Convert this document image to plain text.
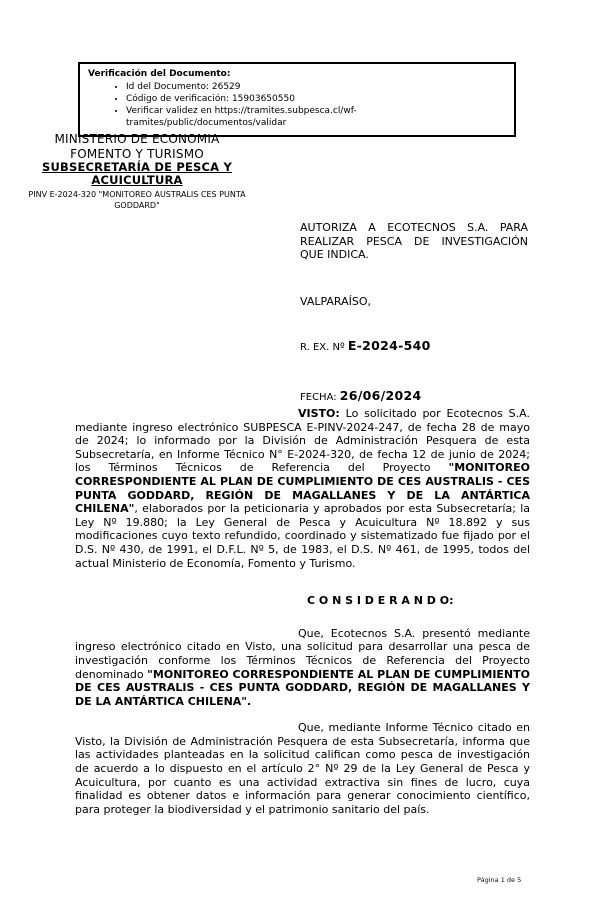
Verificación del Documento:
• Id del Documento: 26529
• Código de verificación: 15903650550
• Verificar validez en https://tramites.subpesca.cl/wf-tramites/public/documentos/validar
MINISTERIO DE ECONOMIA
FOMENTO Y TURISMO
SUBSECRETARÍA DE PESCA Y
ACUICULTURA
PINV E-2024-320 "MONITOREO AUSTRALIS CES PUNTA GODDARD"
AUTORIZA A ECOTECNOS S.A. PARA REALIZAR PESCA DE INVESTIGACIÓN QUE INDICA.
VALPARAÍSO,
R. EX. Nº E-2024-540
FECHA: 26/06/2024

VISTO: Lo solicitado por Ecotecnos S.A. mediante ingreso electrónico SUBPESCA E-PINV-2024-247, de fecha 28 de mayo de 2024; lo informado por la División de Administración Pesquera de esta Subsecretaría, en Informe Técnico N° E-2024-320, de fecha 12 de junio de 2024; los Términos Técnicos de Referencia del Proyecto "MONITOREO CORRESPONDIENTE AL PLAN DE CUMPLIMIENTO DE CES AUSTRALIS - CES PUNTA GODDARD, REGIÓN DE MAGALLANES Y DE LA ANTÁRTICA CHILENA", elaborados por la peticionaria y aprobados por esta Subsecretaría; la Ley Nº 19.880; la Ley General de Pesca y Acuicultura Nº 18.892 y sus modificaciones cuyo texto refundido, coordinado y sistematizado fue fijado por el D.S. Nº 430, de 1991, el D.F.L. Nº 5, de 1983, el D.S. Nº 461, de 1995, todos del actual Ministerio de Economía, Fomento y Turismo.

C O N S I D E R A N D O:

Que, Ecotecnos S.A. presentó mediante ingreso electrónico citado en Visto, una solicitud para desarrollar una pesca de investigación conforme los Términos Técnicos de Referencia del Proyecto denominado "MONITOREO CORRESPONDIENTE AL PLAN DE CUMPLIMIENTO DE CES AUSTRALIS - CES PUNTA GODDARD, REGIÓN DE MAGALLANES Y DE LA ANTÁRTICA CHILENA".

Que, mediante Informe Técnico citado en Visto, la División de Administración Pesquera de esta Subsecretaría, informa que las actividades planteadas en la solicitud califican como pesca de investigación de acuerdo a lo dispuesto en el artículo 2° Nº 29 de la Ley General de Pesca y Acuicultura, por cuanto es una actividad extractiva sin fines de lucro, cuya finalidad es obtener datos e información para generar conocimiento científico, para proteger la biodiversidad y el patrimonio sanitario del país.

Página 1 de 5
